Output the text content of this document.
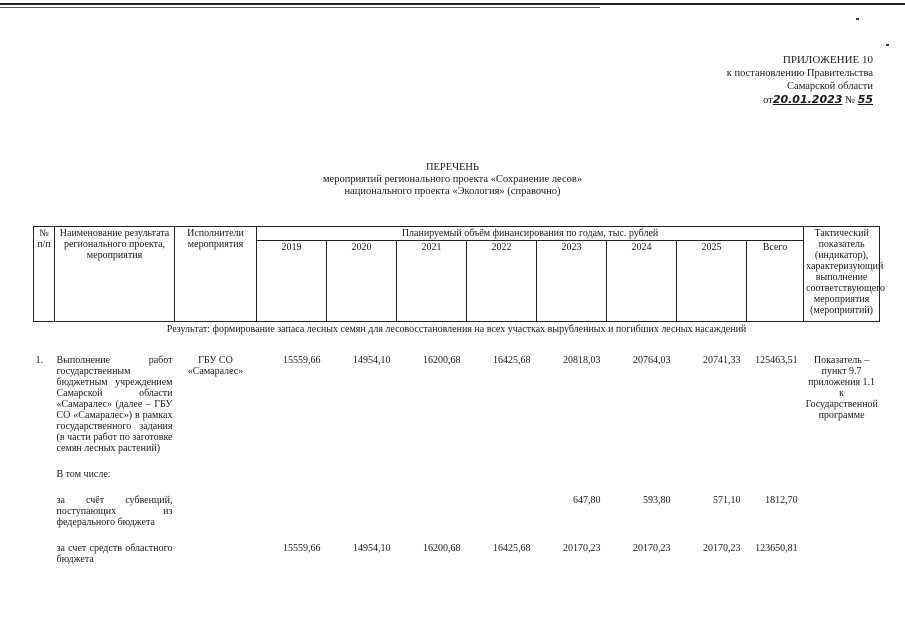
ПРИЛОЖЕНИЕ 10
к постановлению Правительства
Самарской области
от20.01.2023 № 55
ПЕРЕЧЕНЬ
мероприятий регионального проекта «Сохранение лесов»
национального проекта «Экология» (справочно)
№ п/п	Наименование результата регионального проекта, мероприятия	Исполнители мероприятия	Планируемый объём финансирования по годам, тыс. рублей								Тактический показатель (индикатор), характеризующий выполнение соответствующего мероприятия (мероприятий)
			2019	2020	2021	2022	2023	2024	2025	Всего	
Результат: формирование запаса лесных семян для лесовосстановления на всех участках вырубленных и погибших лесных насаждений											
1.	Выполнение работ государственным бюджетным учреждением Самарской области «Самаралес» (далее – ГБУ СО «Самаралес») в рамках государственного задания (в части работ по заготовке семян лесных растений)	ГБУ СО «Самаралес»	15559,66	14954,10	16200,68	16425,68	20818,03	20764,03	20741,33	125463,51	Показатель – пункт 9.7 приложения 1.1 к Государственной программе
	В том числе:										
	за счёт субвенций, поступающих из федерального бюджета						647,80	593,80	571,10	1812,70	
	за счет средств областного бюджета		15559,66	14954,10	16200,68	16425,68	20170,23	20170,23	20170,23	123650,81	
